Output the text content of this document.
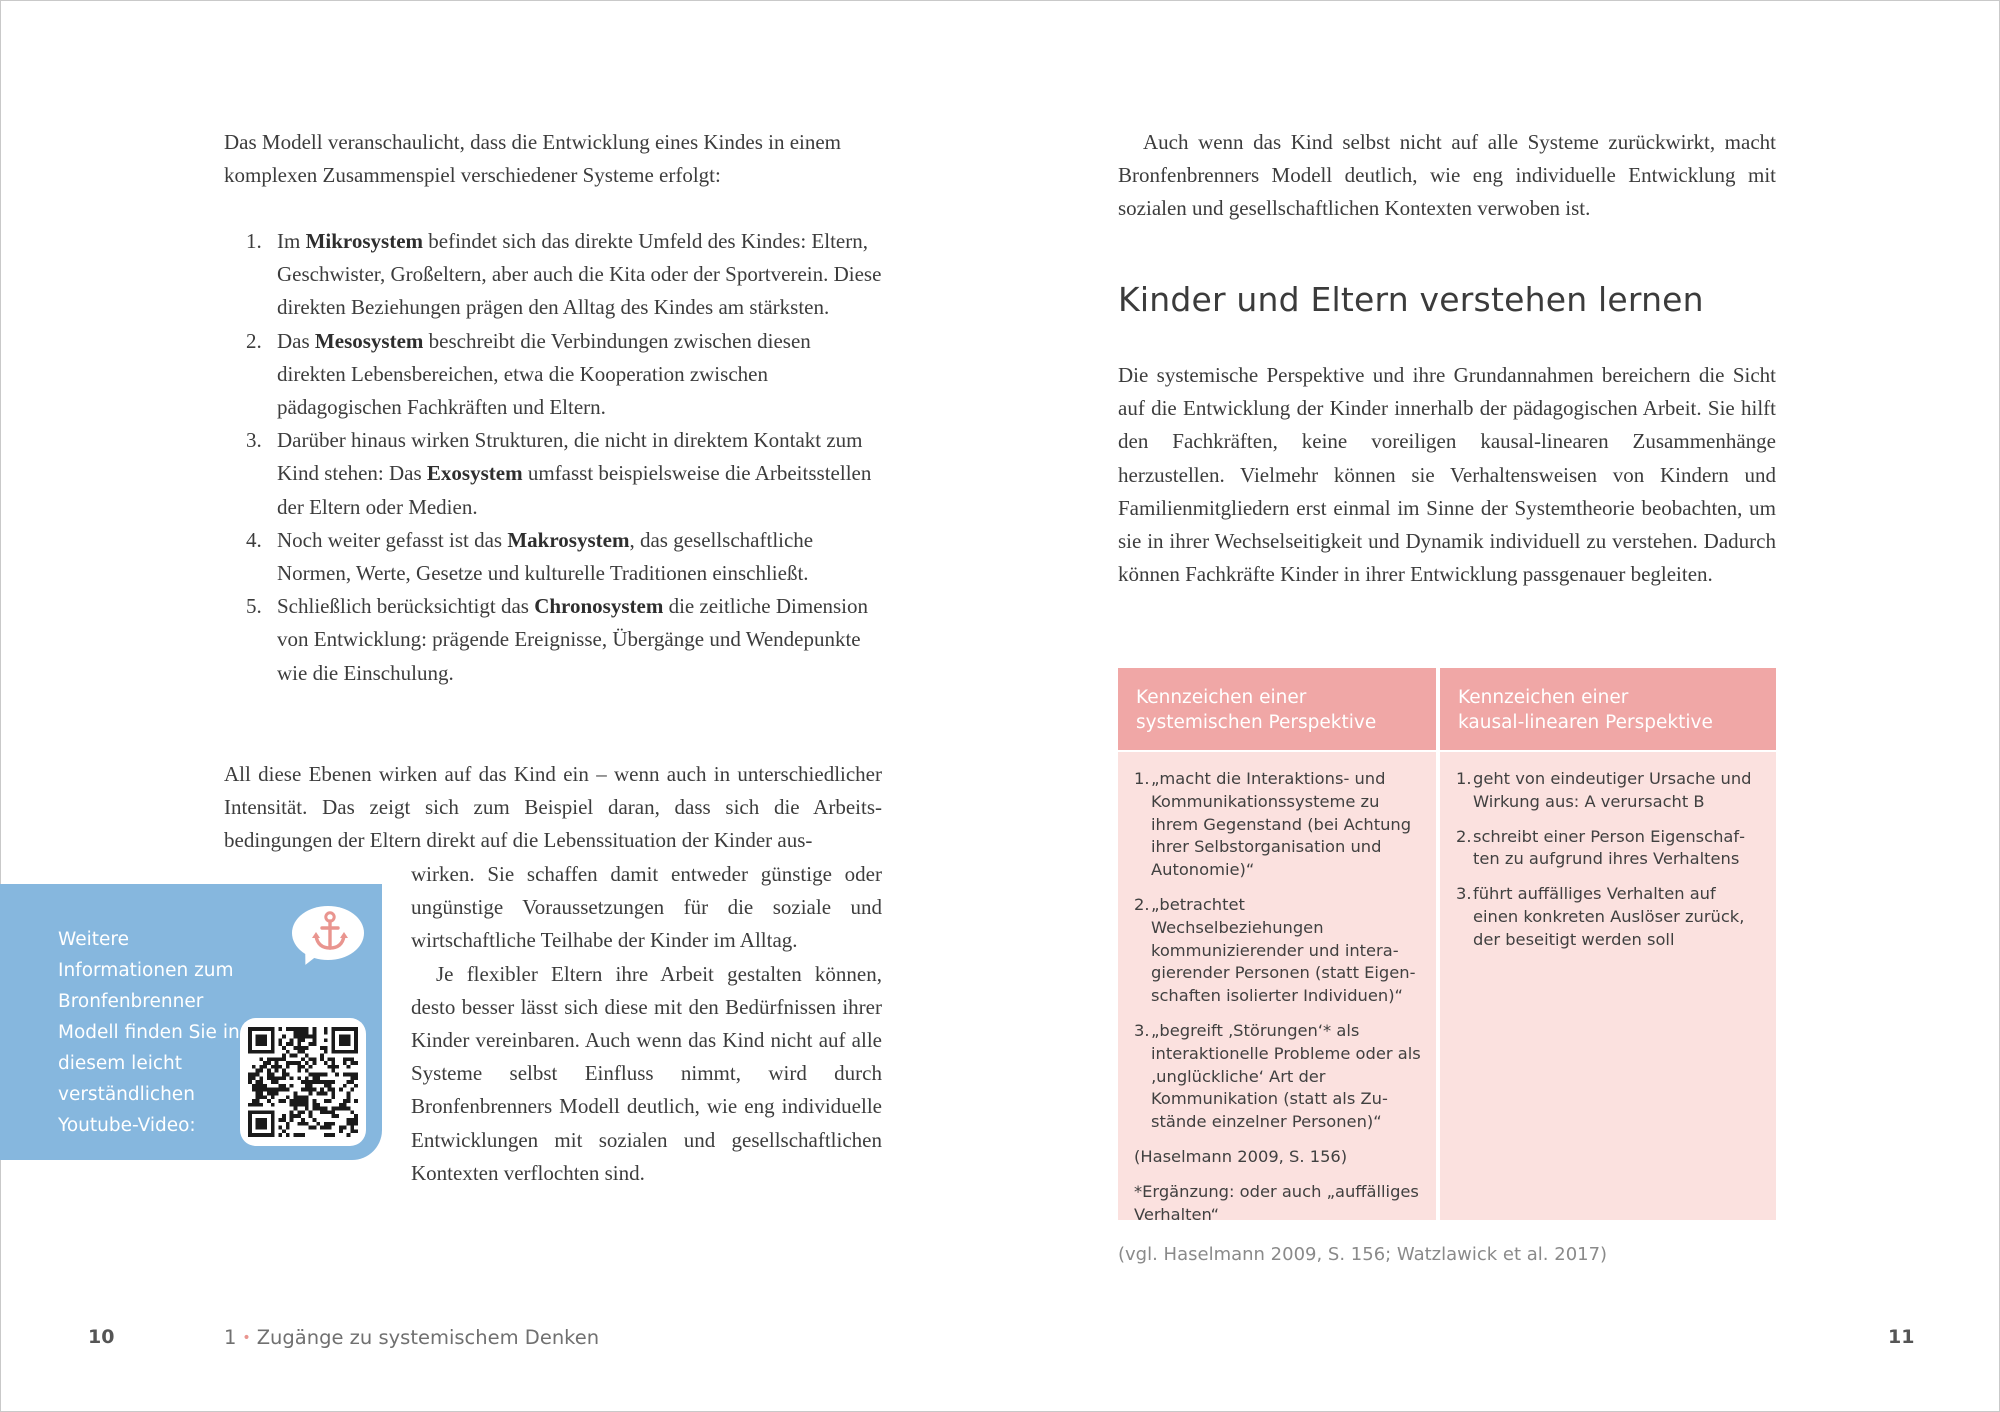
Das Modell veranschaulicht, dass die Entwicklung eines Kindes in einem komplexen Zusammenspiel verschiedener Systeme erfolgt:
1. Im Mikrosystem befindet sich das direkte Umfeld des Kindes: Eltern, Geschwister, Großeltern, aber auch die Kita oder der Sportverein. Diese direkten Beziehungen prägen den Alltag des Kindes am stärksten.
2. Das Mesosystem beschreibt die Verbindungen zwischen diesen direkten Lebensbereichen, etwa die Kooperation zwischen pädagogischen Fachkräften und Eltern.
3. Darüber hinaus wirken Strukturen, die nicht in direktem Kontakt zum Kind stehen: Das Exosystem umfasst beispielsweise die Arbeitsstellen der Eltern oder Medien.
4. Noch weiter gefasst ist das Makrosystem, das gesellschaftliche Normen, Werte, Gesetze und kulturelle Traditionen einschließt.
5. Schließlich berücksichtigt das Chronosystem die zeitliche Dimension von Entwicklung: prägende Ereignisse, Übergänge und Wendepunkte wie die Einschulung.
All diese Ebenen wirken auf das Kind ein – wenn auch in unterschiedlicher Intensität. Das zeigt sich zum Beispiel daran, dass sich die Arbeitsbedingungen der Eltern direkt auf die Lebenssituation der Kinder aus-

wirken. Sie schaffen damit entweder günstige oder ungünstige Voraussetzungen für die soziale und wirtschaftliche Teilhabe der Kinder im Alltag.

Je flexibler Eltern ihre Arbeit gestalten können, desto besser lässt sich diese mit den Bedürfnissen ihrer Kinder vereinbaren. Auch wenn das Kind nicht auf alle Systeme selbst Einfluss nimmt, wird durch Bronfenbrenners Modell deutlich, wie eng individuelle Entwicklungen mit sozialen und gesellschaftlichen Kontexten verflochten sind.

Weitere Informationen zum Bronfenbrenner Modell finden Sie in diesem leicht verständlichen Youtube-Video:
1 • Zugänge zu systemischem Denken
10
Auch wenn das Kind selbst nicht auf alle Systeme zurückwirkt, macht Bronfenbrenners Modell deutlich, wie eng individuelle Entwicklung mit sozialen und gesellschaftlichen Kontexten verwoben ist.
Kinder und Eltern verstehen lernen
Die systemische Perspektive und ihre Grundannahmen bereichern die Sicht auf die Entwicklung der Kinder innerhalb der pädagogischen Arbeit. Sie hilft den Fachkräften, keine voreiligen kausal-linearen Zusammenhänge herzustellen. Vielmehr können sie Verhaltensweisen von Kindern und Familienmitgliedern erst einmal im Sinne der Systemtheorie beobachten, um sie in ihrer Wechselseitigkeit und Dynamik individuell zu verstehen. Dadurch können Fachkräfte Kinder in ihrer Entwicklung passgenauer begleiten.
Kennzeichen einer
systemischen Perspektive
Kennzeichen einer
kausal-linearen Perspektive
1. „macht die Interaktions- und Kommunikationssysteme zu ihrem Gegenstand (bei Achtung ihrer Selbstorganisation und Autonomie)“
2. „betrachtet Wechselbeziehungen kommunizierender und interagierender Personen (statt Eigenschaften isolierter Individuen)“
3. „begreift ‚Störungen‘* als interaktionelle Probleme oder als ‚unglückliche‘ Art der Kommunikation (statt als Zustände einzelner Personen)“
(Haselmann 2009, S. 156)
*Ergänzung: oder auch „auffälliges Verhalten“
1. geht von eindeutiger Ursache und Wirkung aus: A verursacht B
2. schreibt einer Person Eigenschaften zu aufgrund ihres Verhaltens
3. führt auffälliges Verhalten auf einen konkreten Auslöser zurück, der beseitigt werden soll
(vgl. Haselmann 2009, S. 156; Watzlawick et al. 2017)
11
